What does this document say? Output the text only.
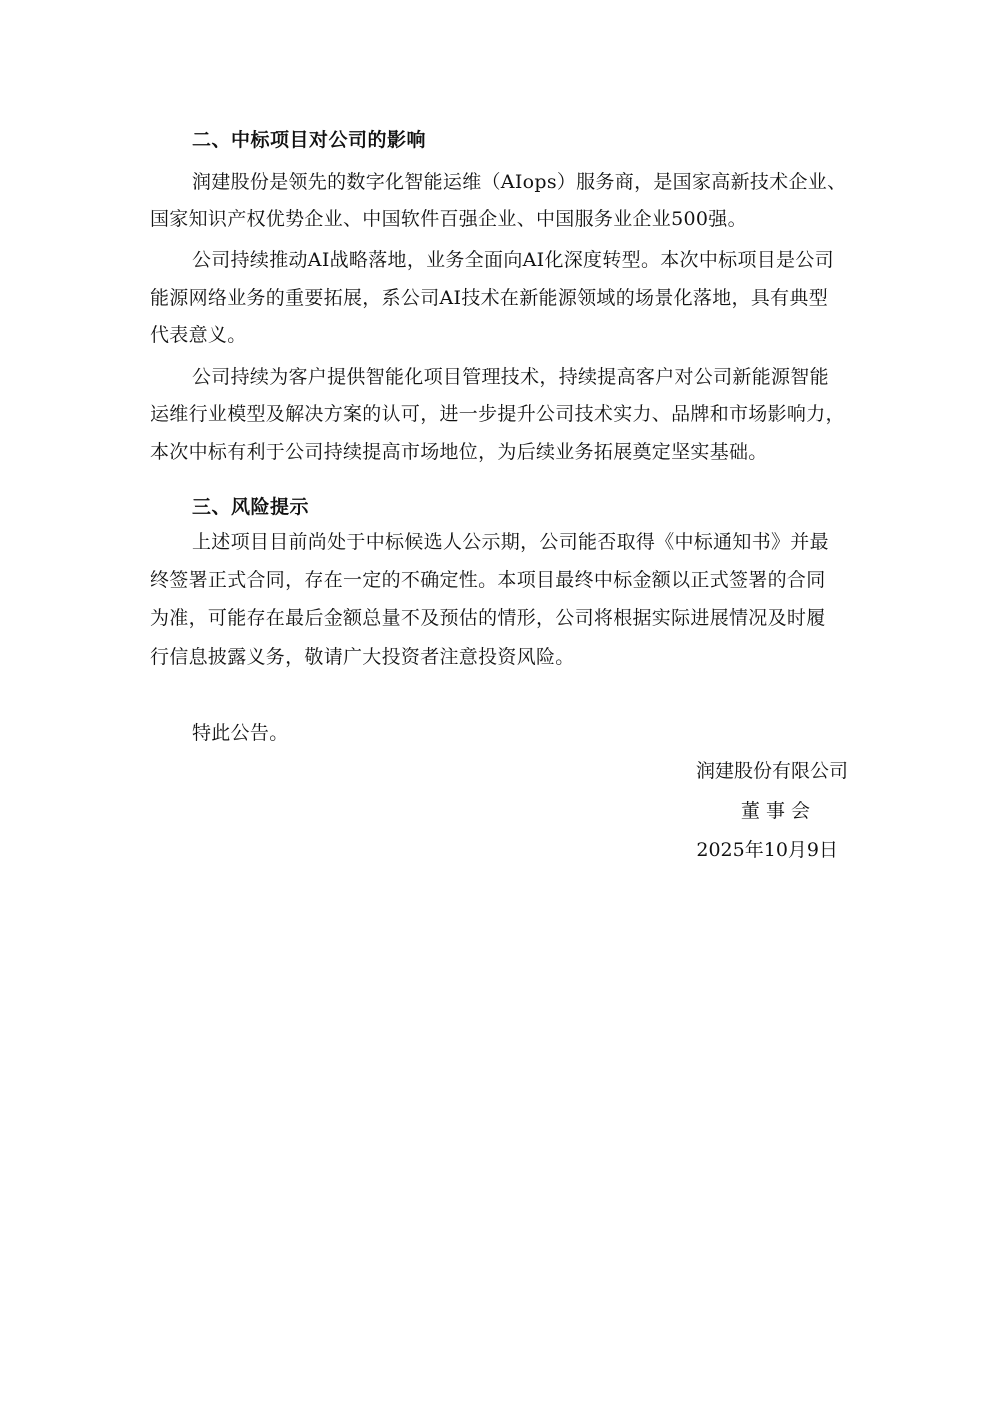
二、中标项目对公司的影响
润建股份是领先的数字化智能运维（AIops）服务商，是国家高新技术企业、
国家知识产权优势企业、中国软件百强企业、中国服务业企业500强。
公司持续推动AI战略落地，业务全面向AI化深度转型。本次中标项目是公司
能源网络业务的重要拓展，系公司AI技术在新能源领域的场景化落地，具有典型
代表意义。
公司持续为客户提供智能化项目管理技术，持续提高客户对公司新能源智能
运维行业模型及解决方案的认可，进一步提升公司技术实力、品牌和市场影响力，
本次中标有利于公司持续提高市场地位，为后续业务拓展奠定坚实基础。
三、风险提示
上述项目目前尚处于中标候选人公示期，公司能否取得《中标通知书》并最
终签署正式合同，存在一定的不确定性。本项目最终中标金额以正式签署的合同
为准，可能存在最后金额总量不及预估的情形，公司将根据实际进展情况及时履
行信息披露义务，敬请广大投资者注意投资风险。
特此公告。
润建股份有限公司
董 事 会
2025年10月9日
